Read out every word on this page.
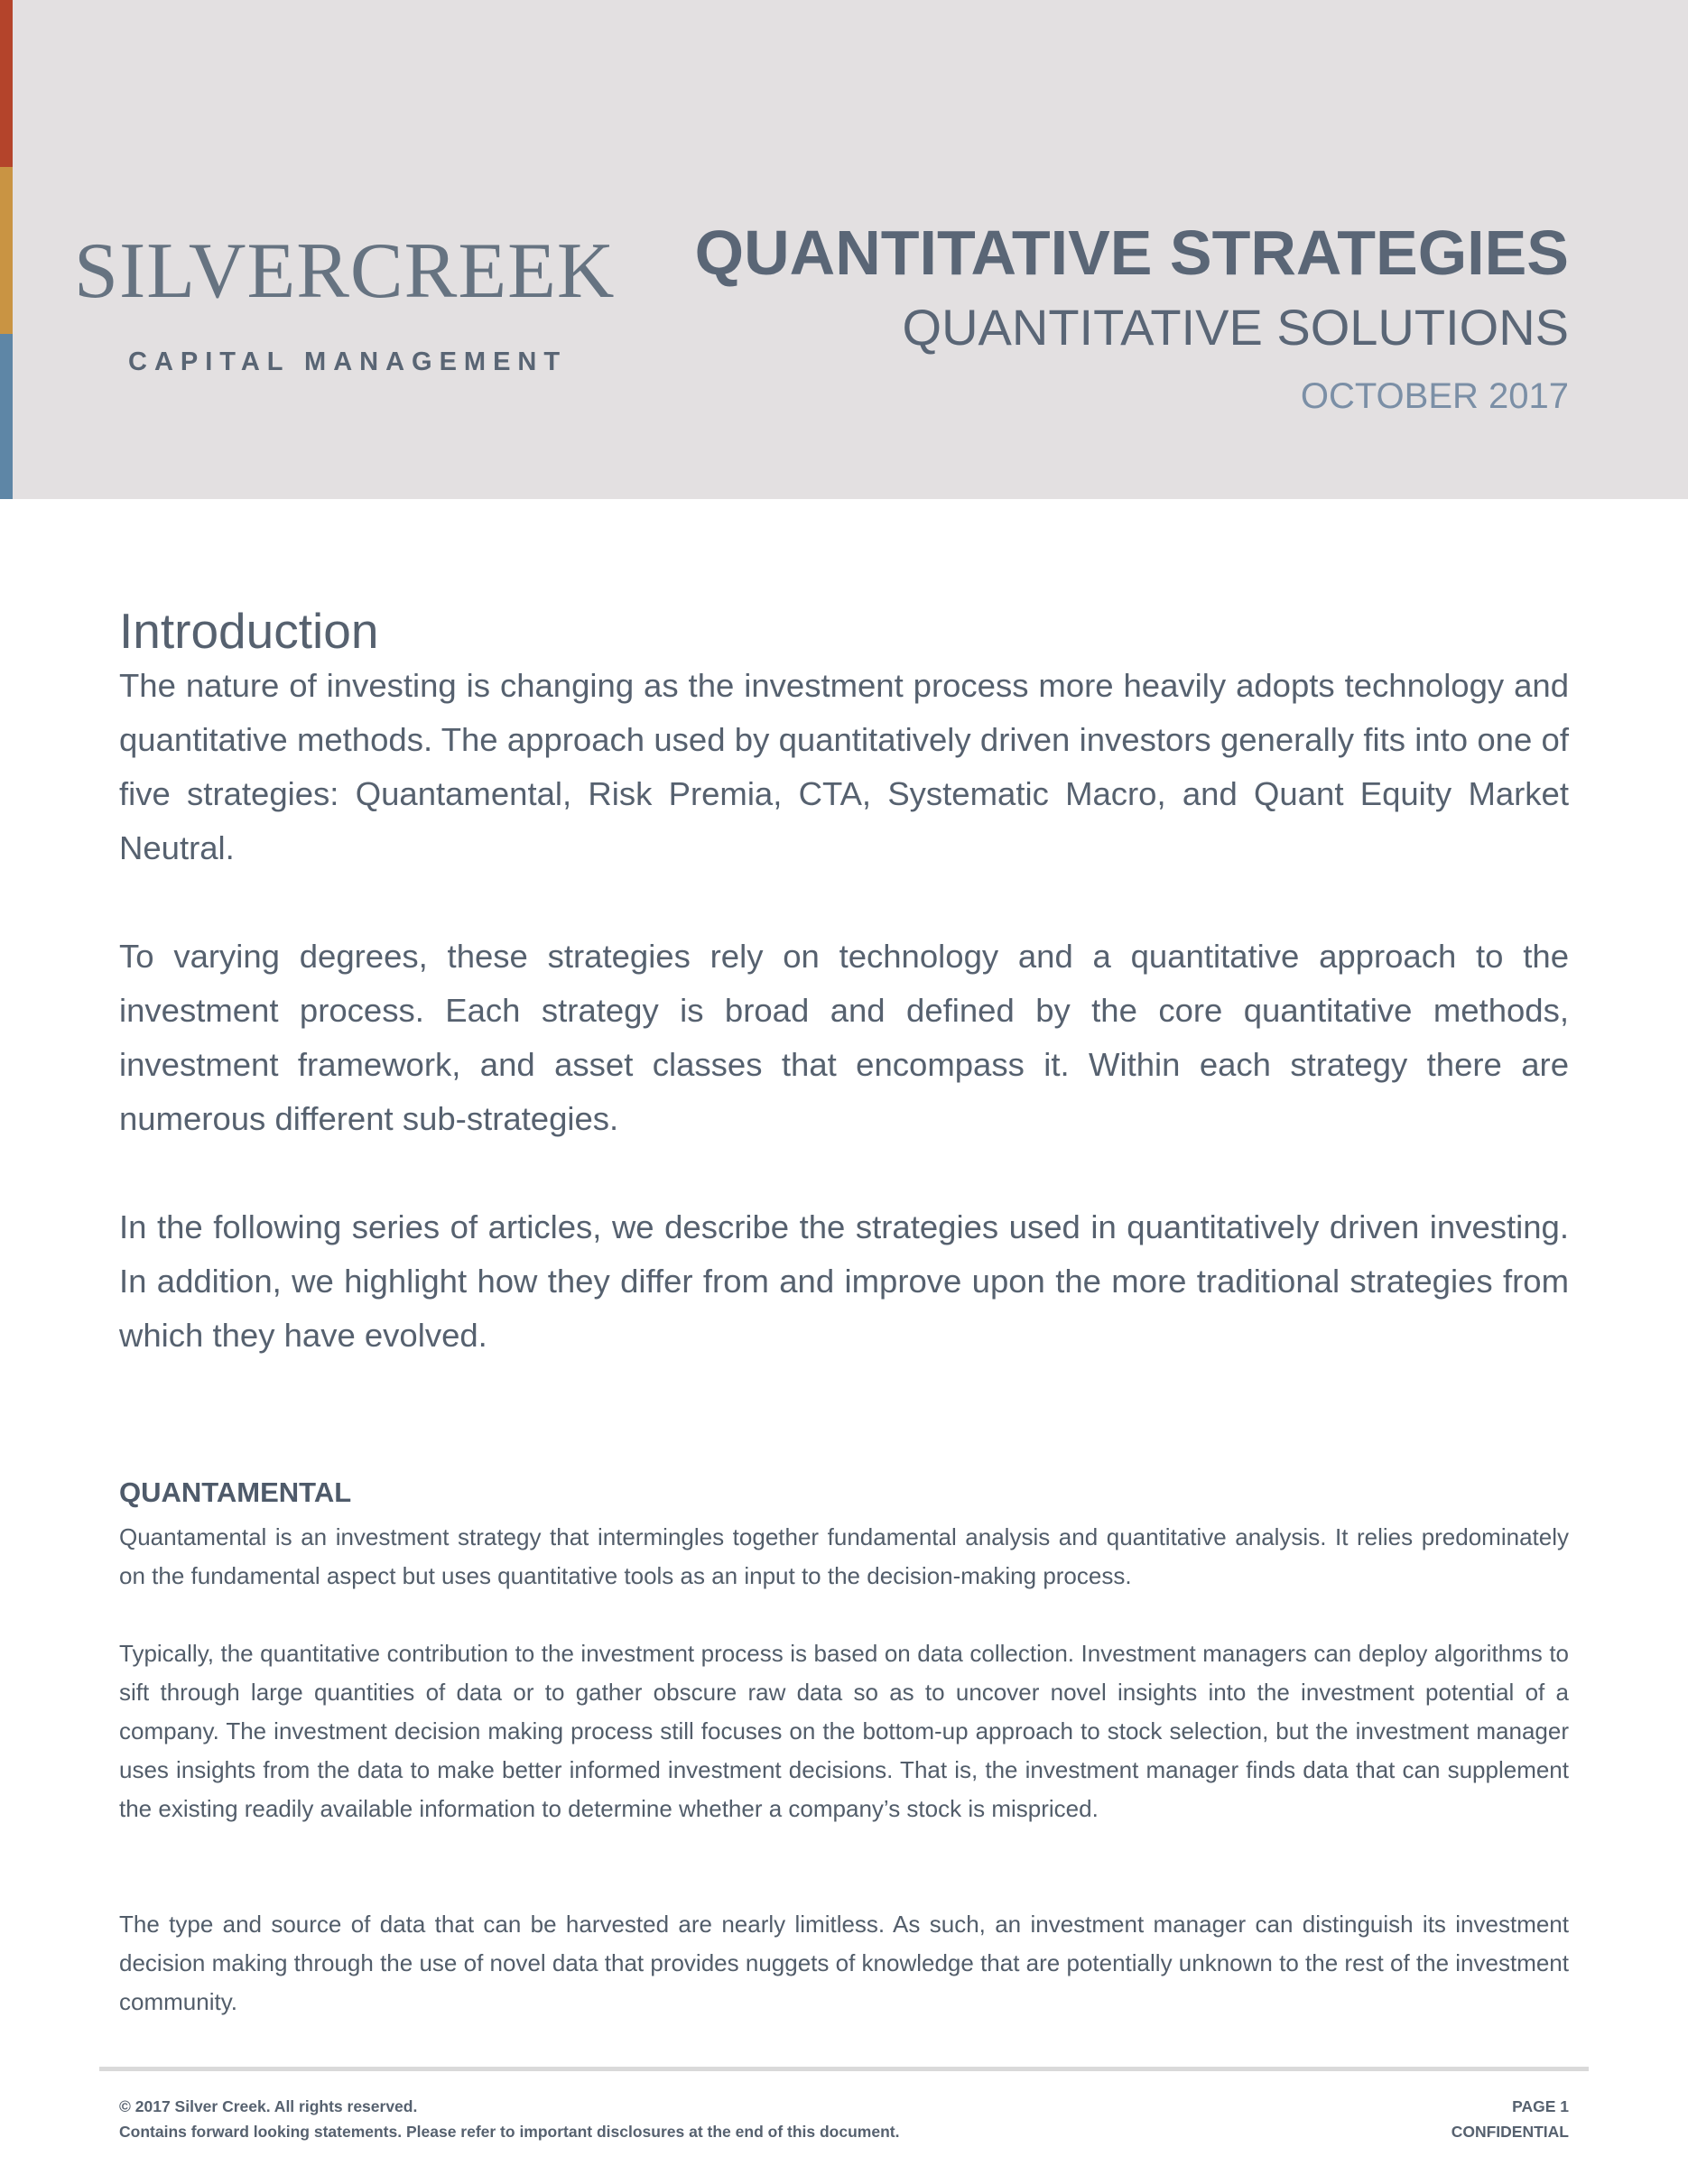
SILVERCREEK
CAPITAL MANAGEMENT
QUANTITATIVE STRATEGIES
QUANTITATIVE SOLUTIONS
OCTOBER 2017
Introduction

The nature of investing is changing as the investment process more heavily adopts technology and quantitative methods. The approach used by quantitatively driven investors generally fits into one of five strategies: Quantamental, Risk Premia, CTA, Systematic Macro, and Quant Equity Market Neutral.

To varying degrees, these strategies rely on technology and a quantitative approach to the investment process. Each strategy is broad and defined by the core quantitative methods, investment framework, and asset classes that encompass it. Within each strategy there are numerous different sub-strategies.

In the following series of articles, we describe the strategies used in quantitatively driven investing. In addition, we highlight how they differ from and improve upon the more traditional strategies from which they have evolved.

QUANTAMENTAL

Quantamental is an investment strategy that intermingles together fundamental analysis and quantitative analysis. It relies predominately on the fundamental aspect but uses quantitative tools as an input to the decision-making process.

Typically, the quantitative contribution to the investment process is based on data collection. Investment managers can deploy algorithms to sift through large quantities of data or to gather obscure raw data so as to uncover novel insights into the investment potential of a company. The investment decision making process still focuses on the bottom-up approach to stock selection, but the investment manager uses insights from the data to make better informed investment decisions. That is, the investment manager finds data that can supplement the existing readily available information to determine whether a company’s stock is mispriced.

The type and source of data that can be harvested are nearly limitless. As such, an investment manager can distinguish its investment decision making through the use of novel data that provides nuggets of knowledge that are potentially unknown to the rest of the investment community.

© 2017 Silver Creek. All rights reserved.
Contains forward looking statements. Please refer to important disclosures at the end of this document.
PAGE 1
CONFIDENTIAL
